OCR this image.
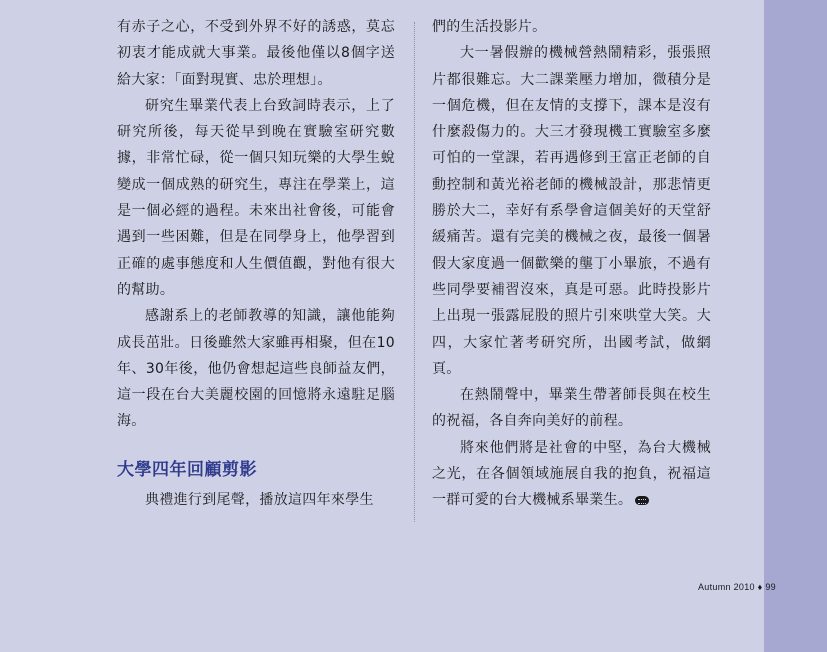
有赤子之心，不受到外界不好的誘惑，莫忘初衷才能成就大事業。最後他僅以8個字送給大家：「面對現實、忠於理想」。

研究生畢業代表上台致詞時表示，上了研究所後，每天從早到晚在實驗室研究數據，非常忙碌，從一個只知玩樂的大學生蛻變成一個成熟的研究生，專注在學業上，這是一個必經的過程。未來出社會後，可能會遇到一些困難，但是在同學身上，他學習到正確的處事態度和人生價值觀，對他有很大的幫助。

感謝系上的老師教導的知識，讓他能夠成長茁壯。日後雖然大家雖再相聚，但在10年、30年後，他仍會想起這些良師益友們，這一段在台大美麗校園的回憶將永遠駐足腦海。

大學四年回顧剪影

典禮進行到尾聲，播放這四年來學生

們的生活投影片。

大一暑假辦的機械營熱鬧精彩，張張照片都很難忘。大二課業壓力增加，微積分是一個危機，但在友情的支撐下，課本是沒有什麼殺傷力的。大三才發現機工實驗室多麼可怕的一堂課，若再遇修到王富正老師的自動控制和黃光裕老師的機械設計，那悲情更勝於大二，幸好有系學會這個美好的天堂舒緩痛苦。還有完美的機械之夜，最後一個暑假大家度過一個歡樂的壟丁小畢旅，不過有些同學要補習沒來，真是可惡。此時投影片上出現一張露屁股的照片引來哄堂大笑。大四，大家忙著考研究所，出國考試，做網頁。

在熱鬧聲中，畢業生帶著師長與在校生的祝福，各自奔向美好的前程。

將來他們將是社會的中堅，為台大機械之光，在各個領域施展自我的抱負，祝福這一群可愛的台大機械系畢業生。

Autumn 2010 ♦ 99
